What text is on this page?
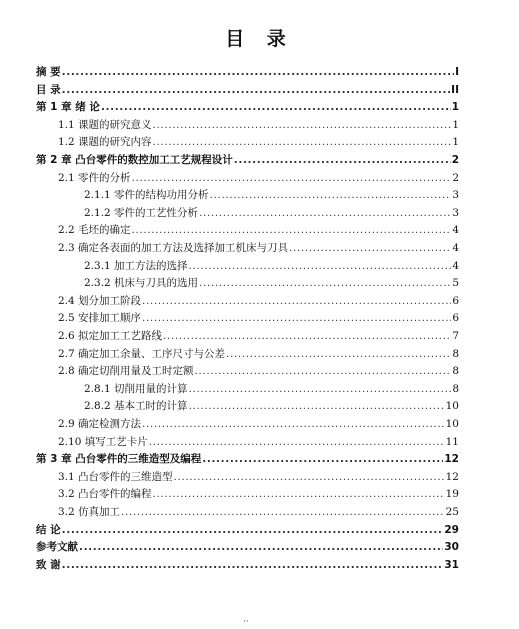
目 录
摘 要 .....	I
目 录 .....	II
第 1 章 绪 论 .....	1
1.1 课题的研究意义 .....	1
1.2 课题的研究内容 .....	1
第 2 章 凸台零件的数控加工工艺规程设计 .....	2
2.1 零件的分析 .....	2
2.1.1 零件的结构功用分析 .....	3
2.1.2 零件的工艺性分析 .....	3
2.2 毛坯的确定 .....	4
2.3 确定各表面的加工方法及选择加工机床与刀具 .....	4
2.3.1 加工方法的选择 .....	4
2.3.2 机床与刀具的选用 .....	5
2.4 划分加工阶段 .....	6
2.5 安排加工顺序 .....	6
2.6 拟定加工工艺路线 .....	7
2.7 确定加工余量、工序尺寸与公差 .....	8
2.8 确定切削用量及工时定额 .....	8
2.8.1 切削用量的计算 .....	8
2.8.2 基本工时的计算 .....	10
2.9 确定检测方法 .....	10
2.10 填写工艺卡片 .....	11
第 3 章 凸台零件的三维造型及编程 .....	12
3.1 凸台零件的三维造型 .....	12
3.2 凸台零件的编程 .....	19
3.2 仿真加工 .....	25
结 论 .....	29
参考文献 .....	30
致 谢 .....	31
··
